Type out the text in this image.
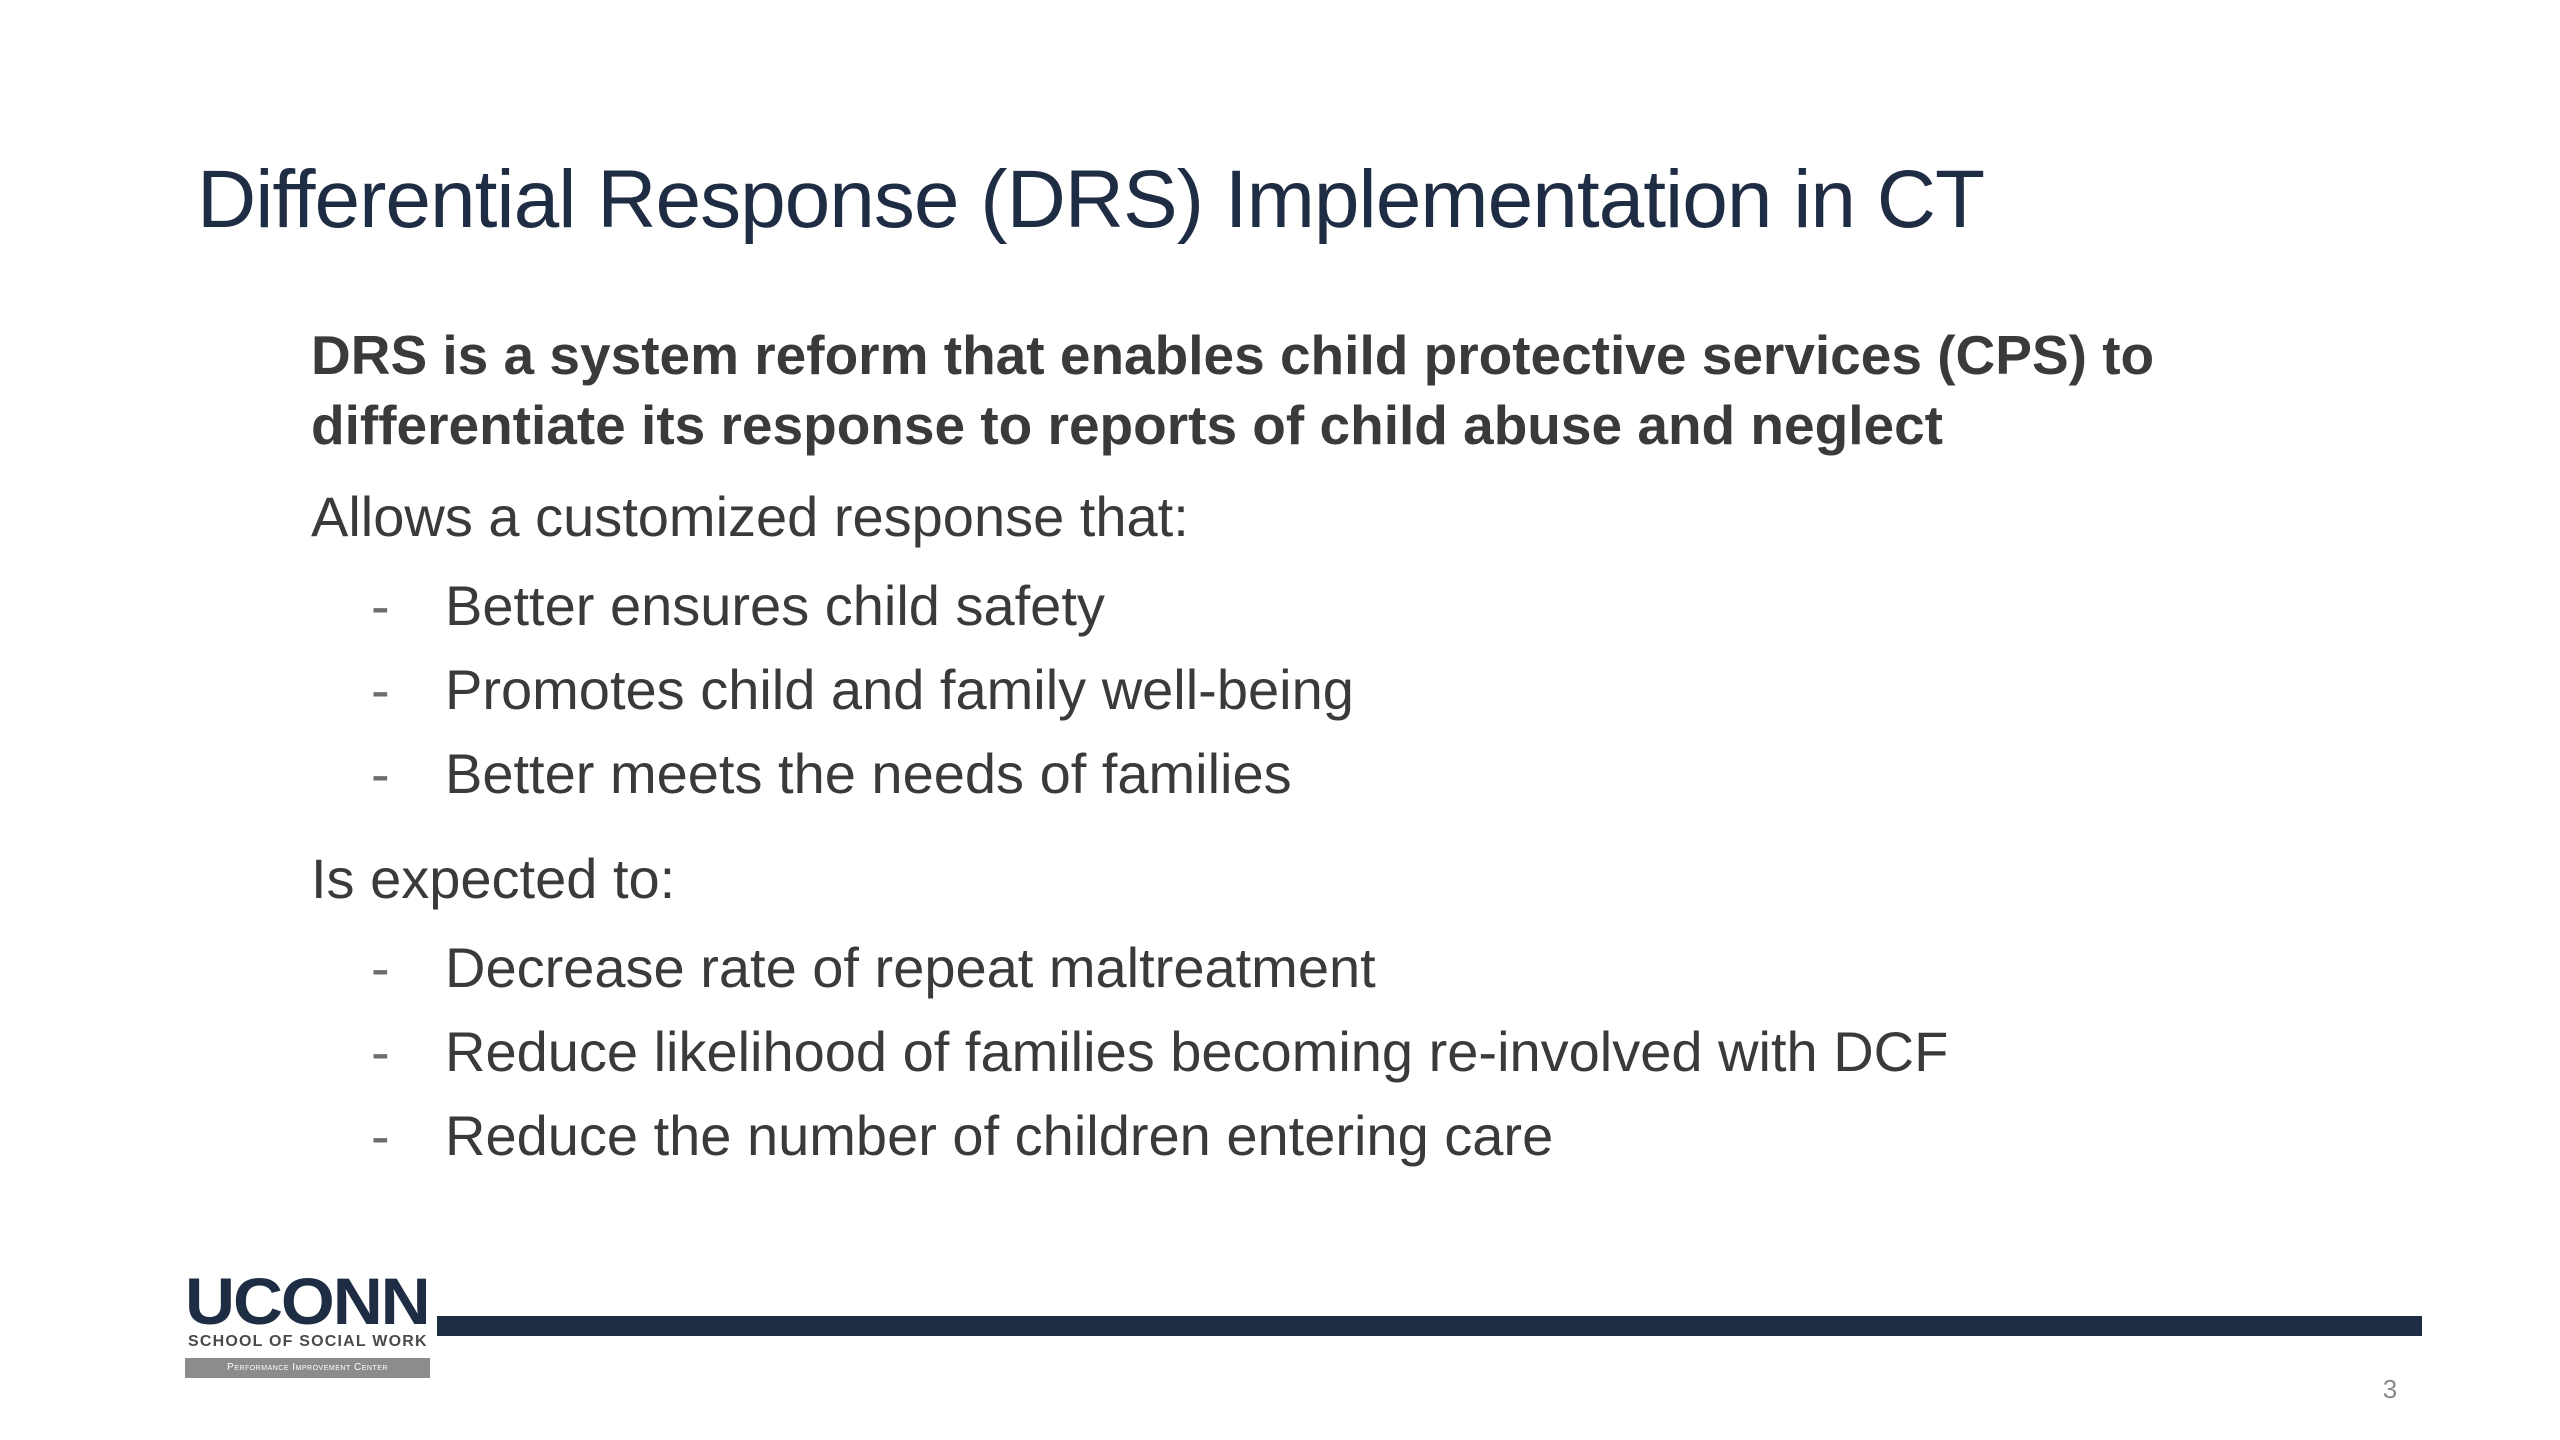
Differential Response (DRS) Implementation in CT

DRS is a system reform that enables child protective services (CPS) to differentiate its response to reports of child abuse and neglect

Allows a customized response that:

- Better ensures child safety
- Promotes child and family well-being
- Better meets the needs of families

Is expected to:

- Decrease rate of repeat maltreatment
- Reduce likelihood of families becoming re-involved with DCF
- Reduce the number of children entering care
UCONN
SCHOOL OF SOCIAL WORK
Performance Improvement Center
3
